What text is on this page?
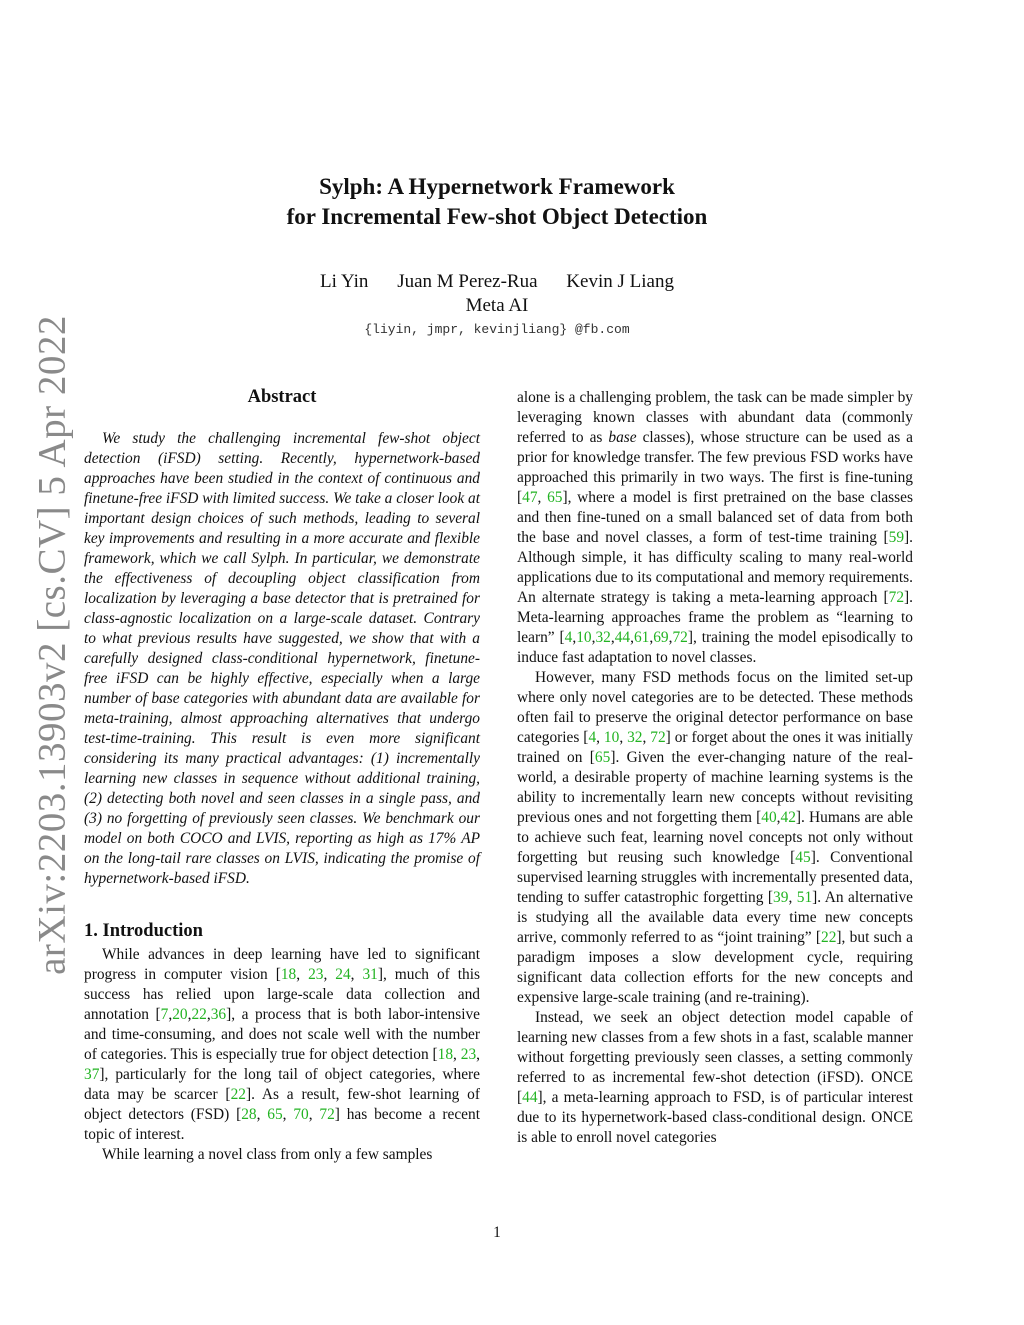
arXiv:2203.13903v2 [cs.CV] 5 Apr 2022
Sylph: A Hypernetwork Framework
for Incremental Few-shot Object Detection
Li Yin Juan M Perez-Rua Kevin J Liang
Meta AI
{liyin, jmpr, kevinjliang} @fb.com
Abstract

We study the challenging incremental few-shot object detection (iFSD) setting. Recently, hypernetwork-based approaches have been studied in the context of continuous and finetune-free iFSD with limited success. We take a closer look at important design choices of such methods, leading to several key improvements and resulting in a more accurate and flexible framework, which we call Sylph. In particular, we demonstrate the effectiveness of decoupling object classification from localization by leveraging a base detector that is pretrained for class-agnostic localization on a large-scale dataset. Contrary to what previous results have suggested, we show that with a carefully designed class-conditional hypernetwork, finetune-free iFSD can be highly effective, especially when a large number of base categories with abundant data are available for meta-training, almost approaching alternatives that undergo test-time-training. This result is even more significant considering its many practical advantages: (1) incrementally learning new classes in sequence without additional training, (2) detecting both novel and seen classes in a single pass, and (3) no forgetting of previously seen classes. We benchmark our model on both COCO and LVIS, reporting as high as 17% AP on the long-tail rare classes on LVIS, indicating the promise of hypernetwork-based iFSD.

1. Introduction

While advances in deep learning have led to significant progress in computer vision [18, 23, 24, 31], much of this success has relied upon large-scale data collection and annotation [7,20,22,36], a process that is both labor-intensive and time-consuming, and does not scale well with the number of categories. This is especially true for object detection [18, 23, 37], particularly for the long tail of object categories, where data may be scarcer [22]. As a result, few-shot learning of object detectors (FSD) [28, 65, 70, 72] has become a recent topic of interest.

While learning a novel class from only a few samples

alone is a challenging problem, the task can be made simpler by leveraging known classes with abundant data (commonly referred to as base classes), whose structure can be used as a prior for knowledge transfer. The few previous FSD works have approached this primarily in two ways. The first is fine-tuning [47, 65], where a model is first pretrained on the base classes and then fine-tuned on a small balanced set of data from both the base and novel classes, a form of test-time training [59]. Although simple, it has difficulty scaling to many real-world applications due to its computational and memory requirements. An alternate strategy is taking a meta-learning approach [72]. Meta-learning approaches frame the problem as “learning to learn” [4,10,32,44,61,69,72], training the model episodically to induce fast adaptation to novel classes.

However, many FSD methods focus on the limited set-up where only novel categories are to be detected. These methods often fail to preserve the original detector performance on base categories [4, 10, 32, 72] or forget about the ones it was initially trained on [65]. Given the ever-changing nature of the real-world, a desirable property of machine learning systems is the ability to incrementally learn new concepts without revisiting previous ones and not forgetting them [40,42]. Humans are able to achieve such feat, learning novel concepts not only without forgetting but reusing such knowledge [45]. Conventional supervised learning struggles with incrementally presented data, tending to suffer catastrophic forgetting [39, 51]. An alternative is studying all the available data every time new concepts arrive, commonly referred to as “joint training” [22], but such a paradigm imposes a slow development cycle, requiring significant data collection efforts for the new concepts and expensive large-scale training (and re-training).

Instead, we seek an object detection model capable of learning new classes from a few shots in a fast, scalable manner without forgetting previously seen classes, a setting commonly referred to as incremental few-shot detection (iFSD). ONCE [44], a meta-learning approach to FSD, is of particular interest due to its hypernetwork-based class-conditional design. ONCE is able to enroll novel categories

1
